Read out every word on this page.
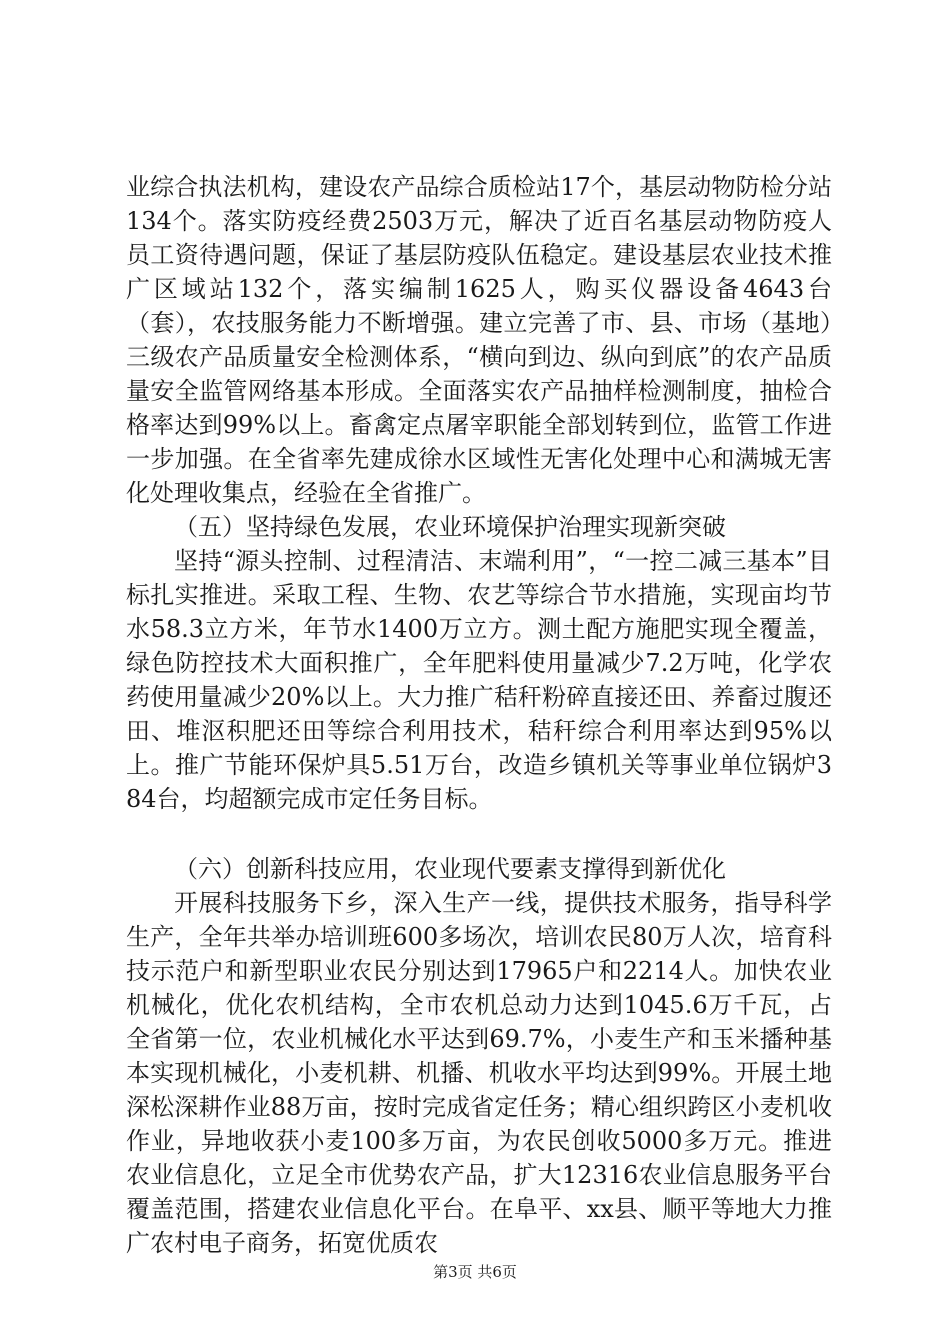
业综合执法机构，建设农产品综合质检站17个，基层动物防检分站134个。落实防疫经费2503万元，解决了近百名基层动物防疫人员工资待遇问题，保证了基层防疫队伍稳定。建设基层农业技术推广区域站132个，落实编制1625人，购买仪器设备4643台（套），农技服务能力不断增强。建立完善了市、县、市场（基地）三级农产品质量安全检测体系，“横向到边、纵向到底”的农产品质量安全监管网络基本形成。全面落实农产品抽样检测制度，抽检合格率达到99%以上。畜禽定点屠宰职能全部划转到位，监管工作进一步加强。在全省率先建成徐水区域性无害化处理中心和满城无害化处理收集点，经验在全省推广。

（五）坚持绿色发展，农业环境保护治理实现新突破

坚持“源头控制、过程清洁、末端利用”，“一控二减三基本”目标扎实推进。采取工程、生物、农艺等综合节水措施，实现亩均节水58.3立方米，年节水1400万立方。测土配方施肥实现全覆盖，绿色防控技术大面积推广，全年肥料使用量减少7.2万吨，化学农药使用量减少20%以上。大力推广秸秆粉碎直接还田、养畜过腹还田、堆沤积肥还田等综合利用技术，秸秆综合利用率达到95%以上。推广节能环保炉具5.51万台，改造乡镇机关等事业单位锅炉384台，均超额完成市定任务目标。

（六）创新科技应用，农业现代要素支撑得到新优化

开展科技服务下乡，深入生产一线，提供技术服务，指导科学生产，全年共举办培训班600多场次，培训农民80万人次，培育科技示范户和新型职业农民分别达到17965户和2214人。加快农业机械化，优化农机结构，全市农机总动力达到1045.6万千瓦，占全省第一位，农业机械化水平达到69.7%，小麦生产和玉米播种基本实现机械化，小麦机耕、机播、机收水平均达到99%。开展土地深松深耕作业88万亩，按时完成省定任务；精心组织跨区小麦机收作业，异地收获小麦100多万亩，为农民创收5000多万元。推进农业信息化，立足全市优势农产品，扩大12316农业信息服务平台覆盖范围，搭建农业信息化平台。在阜平、xx县、顺平等地大力推广农村电子商务，拓宽优质农

第3页 共6页
